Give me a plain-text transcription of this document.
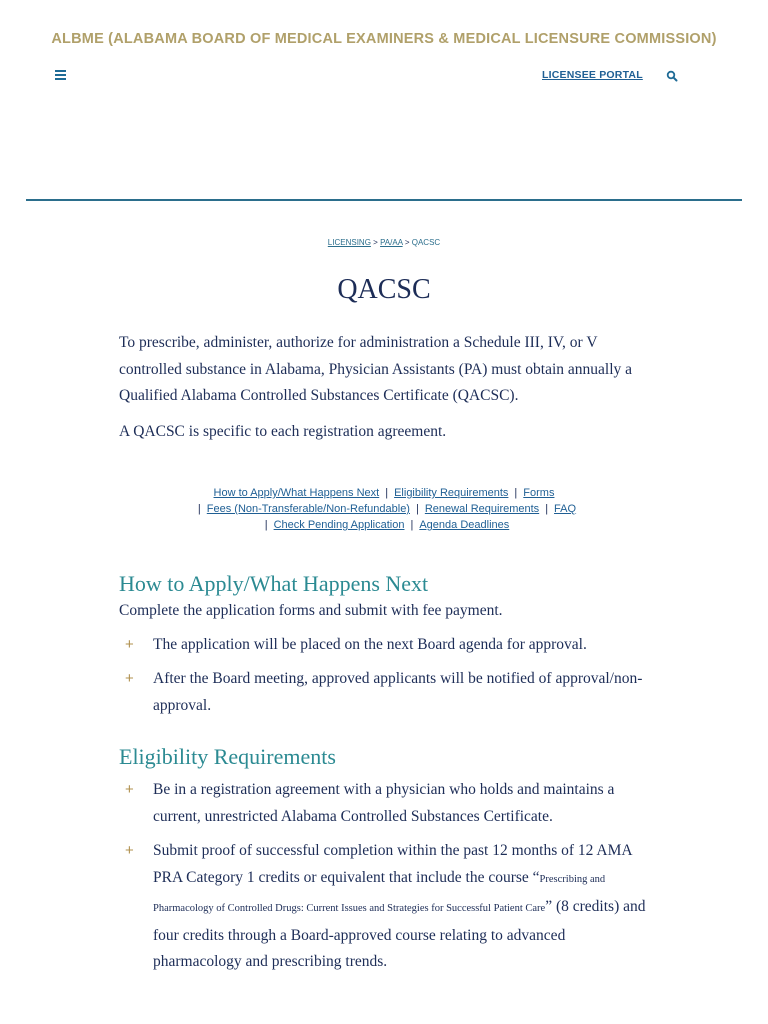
ALBME (ALABAMA BOARD OF MEDICAL EXAMINERS & MEDICAL LICENSURE COMMISSION)
LICENSEE PORTAL
LICENSING > PA/AA > QACSC
QACSC

To prescribe, administer, authorize for administration a Schedule III, IV, or V controlled substance in Alabama, Physician Assistants (PA) must obtain annually a Qualified Alabama Controlled Substances Certificate (QACSC).

A QACSC is specific to each registration agreement.

How to Apply/What Happens Next | Eligibility Requirements | Forms
| Fees (Non-Transferable/Non-Refundable) | Renewal Requirements | FAQ
| Check Pending Application | Agenda Deadlines
How to Apply/What Happens Next

Complete the application forms and submit with fee payment.

+ The application will be placed on the next Board agenda for approval.
+ After the Board meeting, approved applicants will be notified of approval/non-approval.
Eligibility Requirements
+ Be in a registration agreement with a physician who holds and maintains a current, unrestricted Alabama Controlled Substances Certificate.
+ Submit proof of successful completion within the past 12 months of 12 AMA PRA Category 1 credits or equivalent that include the course “Prescribing and Pharmacology of Controlled Drugs: Current Issues and Strategies for Successful Patient Care” (8 credits) and four credits through a Board-approved course relating to advanced pharmacology and prescribing trends.
